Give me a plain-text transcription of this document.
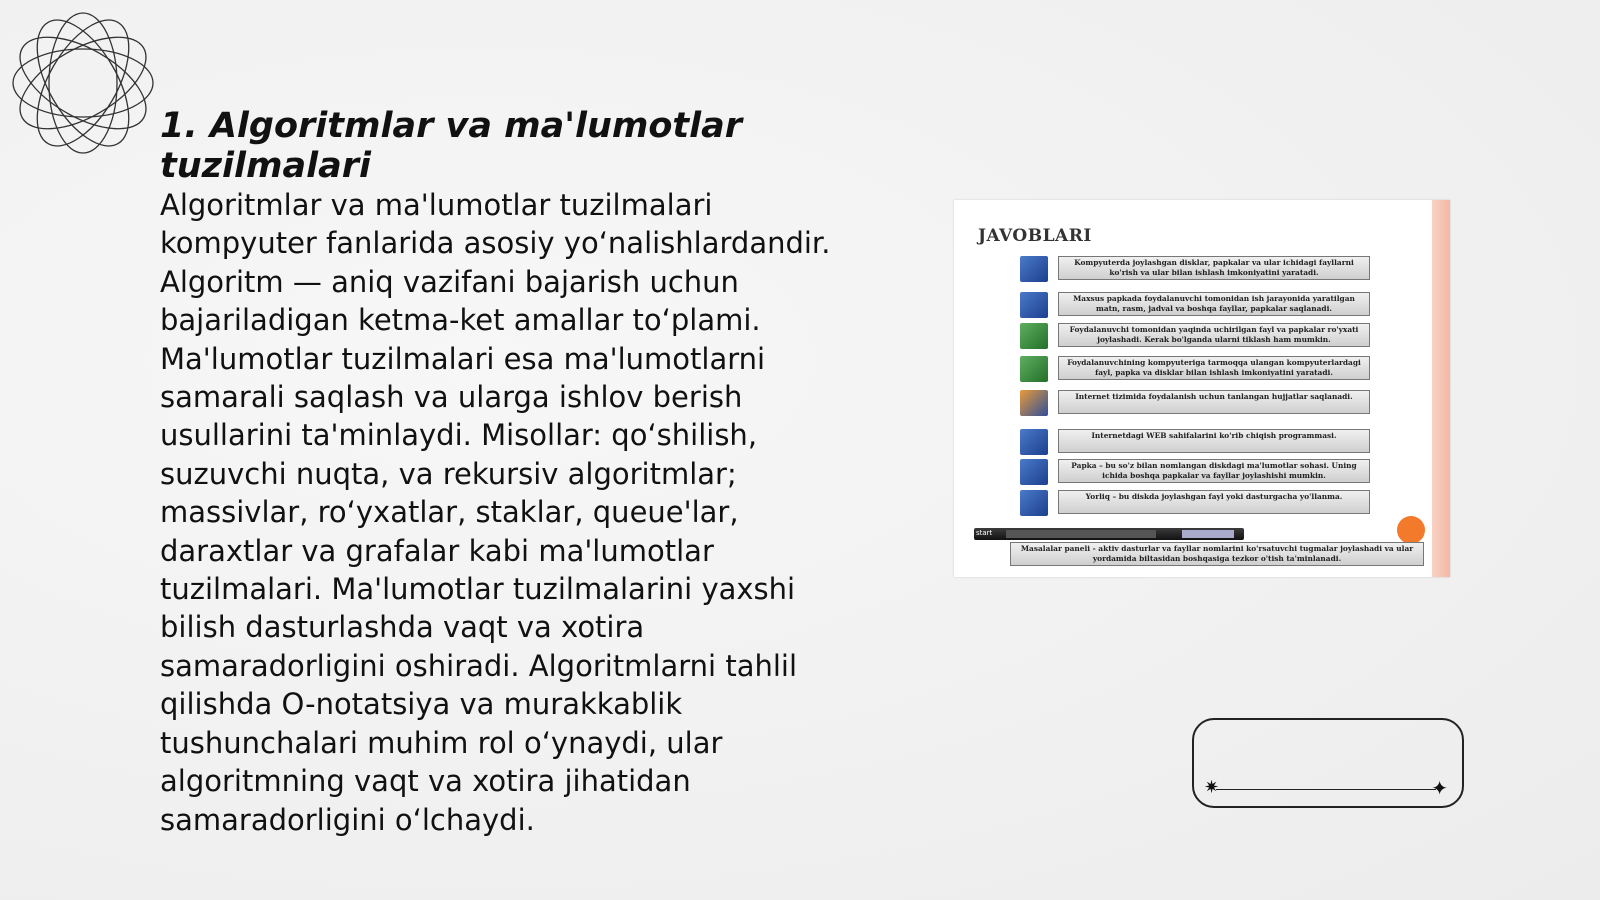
1. Algoritmlar va ma'lumotlar tuzilmalari

Algoritmlar va ma'lumotlar tuzilmalari kompyuter fanlarida asosiy yo‘nalishlardandir. Algoritm — aniq vazifani bajarish uchun bajariladigan ketma-ket amallar to‘plami. Ma'lumotlar tuzilmalari esa ma'lumotlarni samarali saqlash va ularga ishlov berish usullarini ta'minlaydi. Misollar: qo‘shilish, suzuvchi nuqta, va rekursiv algoritmlar; massivlar, ro‘yxatlar, staklar, queue'lar, daraxtlar va grafalar kabi ma'lumotlar tuzilmalari. Ma'lumotlar tuzilmalarini yaxshi bilish dasturlashda vaqt va xotira samaradorligini oshiradi. Algoritmlarni tahlil qilishda O-notatsiya va murakkablik tushunchalari muhim rol o‘ynaydi, ular algoritmning vaqt va xotira jihatidan samaradorligini o‘lchaydi.

JAVOBLARI
Kompyuterda joylashgan disklar, papkalar va ular ichidagi fayllarni ko'rish va ular bilan ishlash imkoniyatini yaratadi.
Maxsus papkada foydalanuvchi tomonidan ish jarayonida yaratilgan matn, rasm, jadval va boshqa fayllar, papkalar saqlanadi.
Foydalanuvchi tomonidan yaqinda uchirilgan fayl va papkalar ro'yxati joylashadi. Kerak bo'lganda ularni tiklash ham mumkin.
Foydalanuvchining kompyuteriga tarmoqqa ulangan kompyuterlardagi fayl, papka va disklar bilan ishlash imkoniyatini yaratadi.
Internet tizimida foydalanish uchun tanlangan hujjatlar saqlanadi.
Internetdagi WEB sahifalarini ko'rib chiqish programmasi.
Papka – bu so'z bilan nomlangan diskdagi ma'lumotlar sohasi. Uning ichida boshqa papkalar va fayllar joylashishi mumkin.
Yorliq – bu diskda joylashgan fayl yoki dasturgacha yo'llanma.
start
Masalalar paneli - aktiv dasturlar va fayllar nomlarini ko'rsatuvchi tugmalar joylashadi va ular yordamida biltasidan boshqasiga tezkor o'tish ta'minlanadi.
✷	✦
